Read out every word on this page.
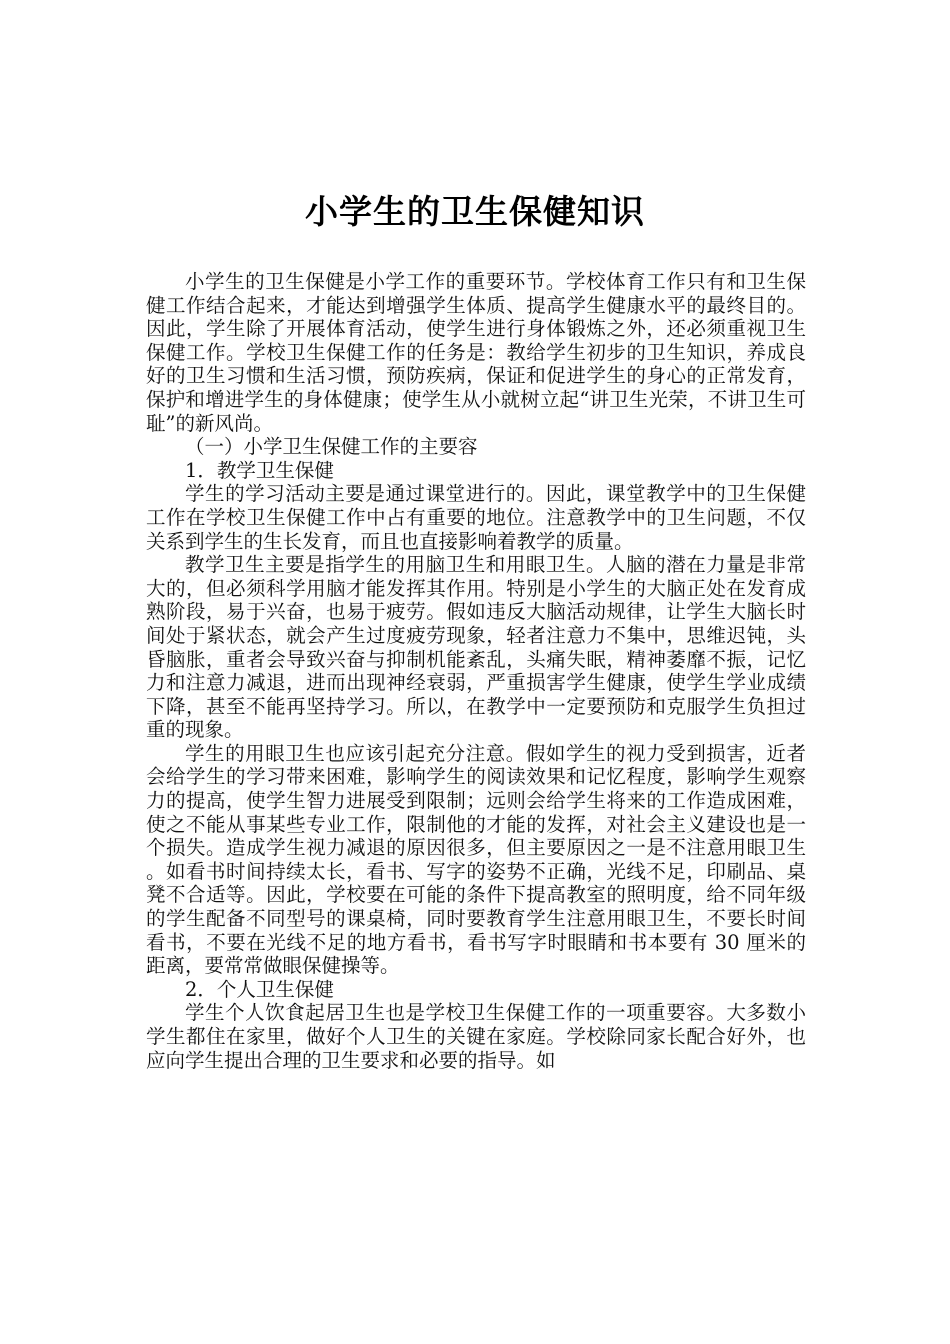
小学生的卫生保健知识

小学生的卫生保健是小学工作的重要环节。学校体育工作只有和卫生保健工作结合起来，才能达到增强学生体质、提高学生健康水平的最终目的。因此，学生除了开展体育活动，使学生进行身体锻炼之外，还必须重视卫生保健工作。学校卫生保健工作的任务是：教给学生初步的卫生知识，养成良好的卫生习惯和生活习惯，预防疾病，保证和促进学生的身心的正常发育，保护和增进学生的身体健康；使学生从小就树立起“讲卫生光荣，不讲卫生可耻”的新风尚。

（一）小学卫生保健工作的主要容

1．教学卫生保健

学生的学习活动主要是通过课堂进行的。因此，课堂教学中的卫生保健工作在学校卫生保健工作中占有重要的地位。注意教学中的卫生问题，不仅关系到学生的生长发育，而且也直接影响着教学的质量。

教学卫生主要是指学生的用脑卫生和用眼卫生。人脑的潜在力量是非常大的，但必须科学用脑才能发挥其作用。特别是小学生的大脑正处在发育成熟阶段，易于兴奋，也易于疲劳。假如违反大脑活动规律，让学生大脑长时间处于紧状态，就会产生过度疲劳现象，轻者注意力不集中，思维迟钝，头昏脑胀，重者会导致兴奋与抑制机能紊乱，头痛失眠，精神萎靡不振，记忆力和注意力减退，进而出现神经衰弱，严重损害学生健康，使学生学业成绩下降，甚至不能再坚持学习。所以，在教学中一定要预防和克服学生负担过重的现象。

学生的用眼卫生也应该引起充分注意。假如学生的视力受到损害，近者会给学生的学习带来困难，影响学生的阅读效果和记忆程度，影响学生观察力的提高，使学生智力进展受到限制；远则会给学生将来的工作造成困难，使之不能从事某些专业工作，限制他的才能的发挥，对社会主义建设也是一个损失。造成学生视力减退的原因很多，但主要原因之一是不注意用眼卫生。如看书时间持续太长，看书、写字的姿势不正确，光线不足，印刷品、桌凳不合适等。因此，学校要在可能的条件下提高教室的照明度，给不同年级的学生配备不同型号的课桌椅，同时要教育学生注意用眼卫生，不要长时间看书，不要在光线不足的地方看书，看书写字时眼睛和书本要有 30 厘米的距离，要常常做眼保健操等。

2．个人卫生保健

学生个人饮食起居卫生也是学校卫生保健工作的一项重要容。大多数小学生都住在家里，做好个人卫生的关键在家庭。学校除同家长配合好外，也应向学生提出合理的卫生要求和必要的指导。如
